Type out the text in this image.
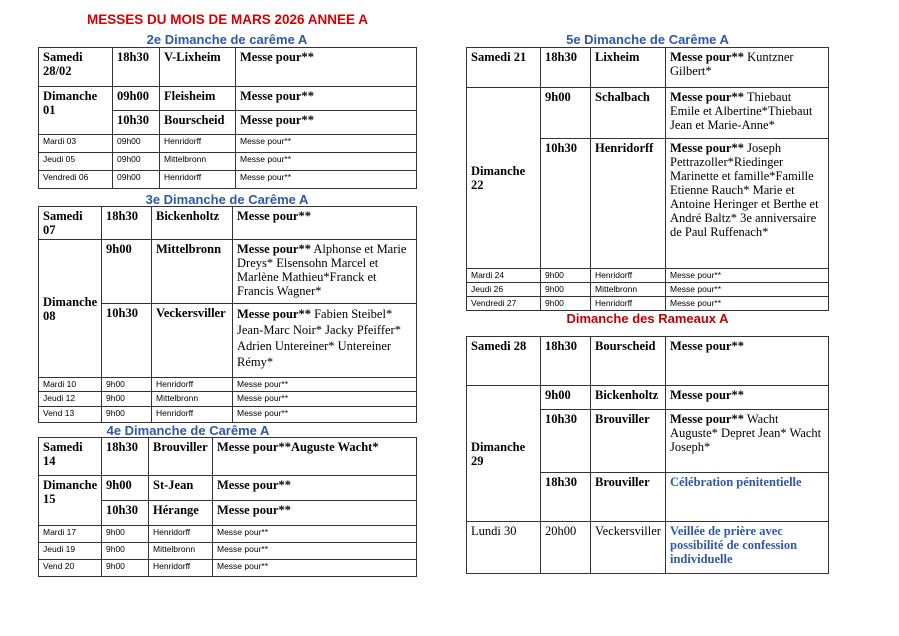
MESSES DU MOIS DE MARS 2026 ANNEE A
2e Dimanche de carême A
Samedi 28/02	18h30	V-Lixheim	Messe pour**
Dimanche 01	09h00	Fleisheim	Messe pour**
	10h30	Bourscheid	Messe pour**
Mardi 03	09h00	Henridorff	Messe pour**
Jeudi 05	09h00	Mittelbronn	Messe pour**
Vendredi 06	09h00	Henridorff	Messe pour**
3e Dimanche de Carême A
Samedi 07	18h30	Bickenholtz	Messe pour**
Dimanche 08	9h00	Mittelbronn	Messe pour** Alphonse et Marie Dreys* Elsensohn Marcel et Marlène Mathieu*Franck et Francis Wagner*
	10h30	Veckersviller	Messe pour** Fabien Steibel* Jean-Marc Noir* Jacky Pfeiffer* Adrien Untereiner* Untereiner Rémy*
Mardi 10	9h00	Henridorff	Messe pour**
Jeudi 12	9h00	Mittelbronn	Messe pour**
Vend 13	9h00	Henridorff	Messe pour**
4e Dimanche de Carême A
Samedi 14	18h30	Brouviller	Messe pour**Auguste Wacht*
Dimanche 15	9h00	St-Jean	Messe pour**
	10h30	Hérange	Messe pour**
Mardi 17	9h00	Henridorff	Messe pour**
Jeudi 19	9h00	Mittelbronn	Messe pour**
Vend 20	9h00	Henridorff	Messe pour**
5e Dimanche de Carême A
Samedi 21	18h30	Lixheim	Messe pour** Kuntzner Gilbert*
Dimanche 22	9h00	Schalbach	Messe pour** Thiebaut Emile et Albertine*Thiebaut Jean et Marie-Anne*
	10h30	Henridorff	Messe pour** Joseph Pettrazoller*Riedinger Marinette et famille*Famille Etienne Rauch* Marie et Antoine Heringer et Berthe et André Baltz* 3e anniversaire de Paul Ruffenach*
Mardi 24	9h00	Henridorff	Messe pour**
Jeudi 26	9h00	Mittelbronn	Messe pour**
Vendredi 27	9h00	Henridorff	Messe pour**
Dimanche des Rameaux A
Samedi 28	18h30	Bourscheid	Messe pour**
Dimanche 29	9h00	Bickenholtz	Messe pour**
	10h30	Brouviller	Messe pour** Wacht Auguste* Depret Jean* Wacht Joseph*
	18h30	Brouviller	Célébration pénitentielle
Lundi 30	20h00	Veckersviller	Veillée de prière avec possibilité de confession individuelle
